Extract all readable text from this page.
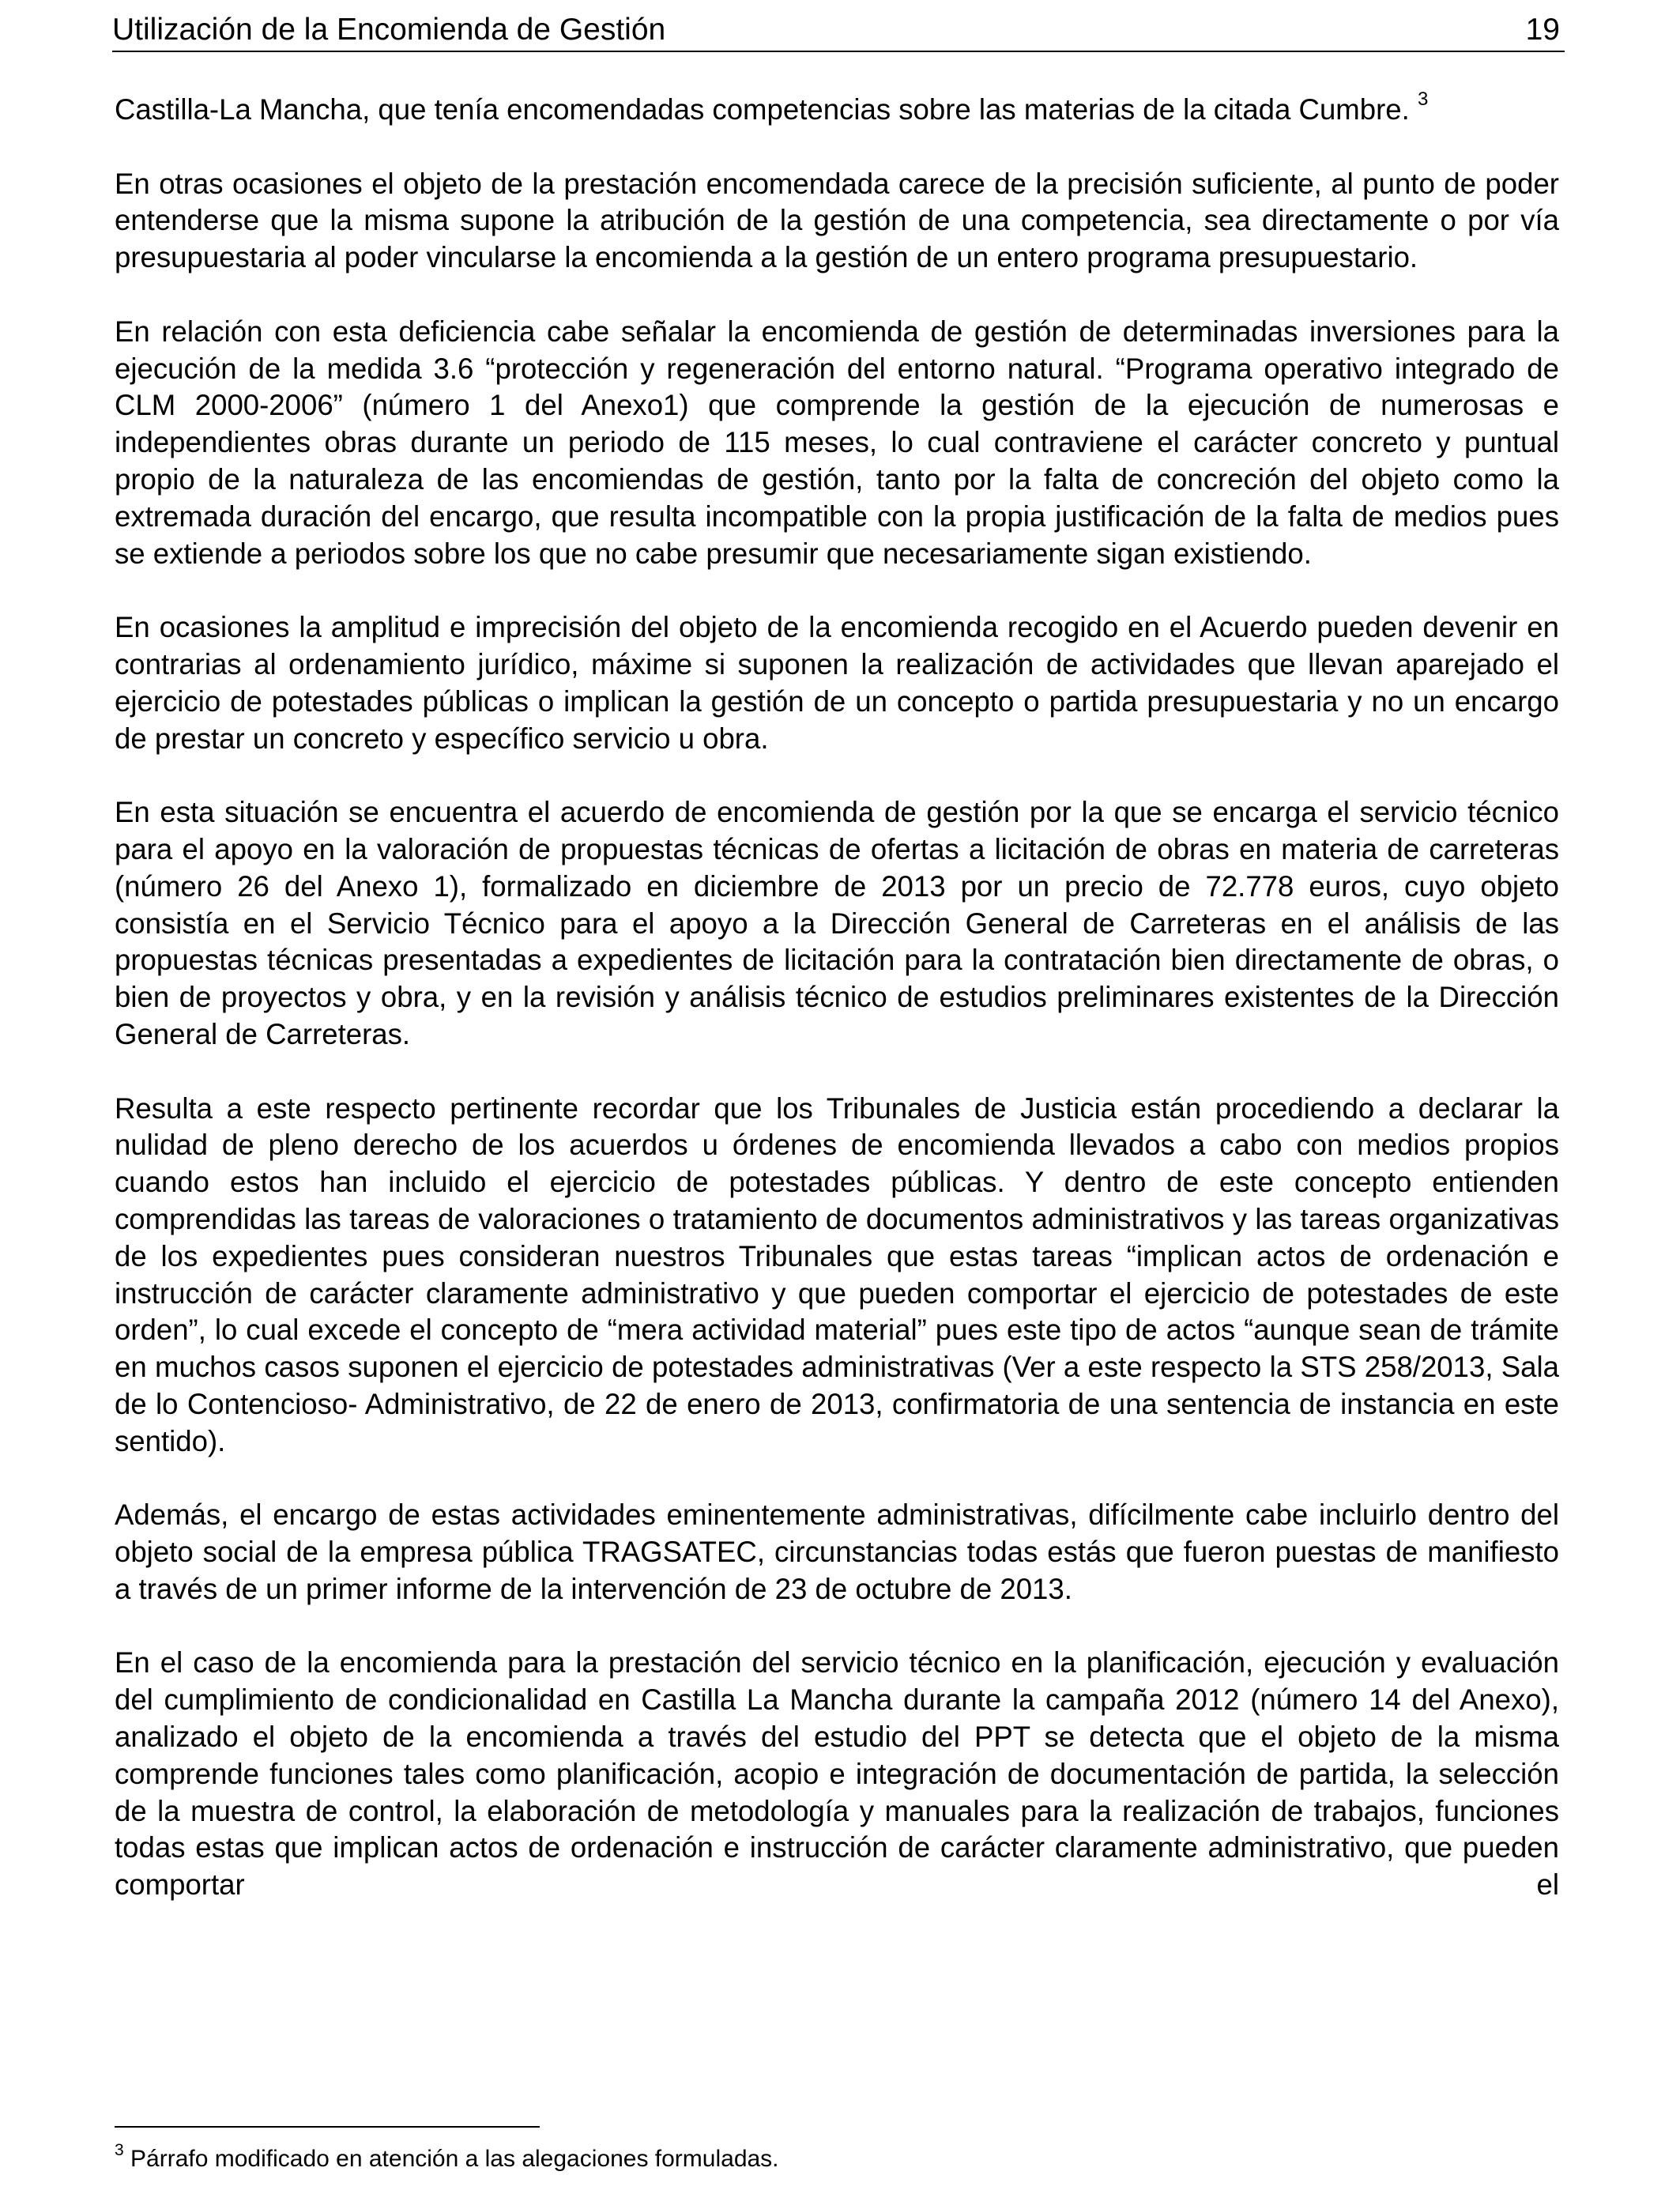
Utilización de la Encomienda de Gestión	19

Castilla-La Mancha, que tenía encomendadas competencias sobre las materias de la citada Cumbre. $^3$

En otras ocasiones el objeto de la prestación encomendada carece de la precisión suficiente, al punto de poder entenderse que la misma supone la atribución de la gestión de una competencia, sea directamente o por vía presupuestaria al poder vincularse la encomienda a la gestión de un entero programa presupuestario.

En relación con esta deficiencia cabe señalar la encomienda de gestión de determinadas inversiones para la ejecución de la medida 3.6 “protección y regeneración del entorno natural. “Programa operativo integrado de CLM 2000-2006” (número 1 del Anexo1) que comprende la gestión de la ejecución de numerosas e independientes obras durante un periodo de 115 meses, lo cual contraviene el carácter concreto y puntual propio de la naturaleza de las encomiendas de gestión, tanto por la falta de concreción del objeto como la extremada duración del encargo, que resulta incompatible con la propia justificación de la falta de medios pues se extiende a periodos sobre los que no cabe presumir que necesariamente sigan existiendo.

En ocasiones la amplitud e imprecisión del objeto de la encomienda recogido en el Acuerdo pueden devenir en contrarias al ordenamiento jurídico, máxime si suponen la realización de actividades que llevan aparejado el ejercicio de potestades públicas o implican la gestión de un concepto o partida presupuestaria y no un encargo de prestar un concreto y específico servicio u obra.

En esta situación se encuentra el acuerdo de encomienda de gestión por la que se encarga el servicio técnico para el apoyo en la valoración de propuestas técnicas de ofertas a licitación de obras en materia de carreteras (número 26 del Anexo 1), formalizado en diciembre de 2013 por un precio de 72.778 euros, cuyo objeto consistía en el Servicio Técnico para el apoyo a la Dirección General de Carreteras en el análisis de las propuestas técnicas presentadas a expedientes de licitación para la contratación bien directamente de obras, o bien de proyectos y obra, y en la revisión y análisis técnico de estudios preliminares existentes de la Dirección General de Carreteras.

Resulta a este respecto pertinente recordar que los Tribunales de Justicia están procediendo a declarar la nulidad de pleno derecho de los acuerdos u órdenes de encomienda llevados a cabo con medios propios cuando estos han incluido el ejercicio de potestades públicas. Y dentro de este concepto entienden comprendidas las tareas de valoraciones o tratamiento de documentos administrativos y las tareas organizativas de los expedientes pues consideran nuestros Tribunales que estas tareas “implican actos de ordenación e instrucción de carácter claramente administrativo y que pueden comportar el ejercicio de potestades de este orden”, lo cual excede el concepto de “mera actividad material” pues este tipo de actos “aunque sean de trámite en muchos casos suponen el ejercicio de potestades administrativas (Ver a este respecto la STS 258/2013, Sala de lo Contencioso- Administrativo, de 22 de enero de 2013, confirmatoria de una sentencia de instancia en este sentido).

Además, el encargo de estas actividades eminentemente administrativas, difícilmente cabe incluirlo dentro del objeto social de la empresa pública TRAGSATEC, circunstancias todas estás que fueron puestas de manifiesto a través de un primer informe de la intervención de 23 de octubre de 2013.

En el caso de la encomienda para la prestación del servicio técnico en la planificación, ejecución y evaluación del cumplimiento de condicionalidad en Castilla La Mancha durante la campaña 2012 (número 14 del Anexo), analizado el objeto de la encomienda a través del estudio del PPT se detecta que el objeto de la misma comprende funciones tales como planificación, acopio e integración de documentación de partida, la selección de la muestra de control, la elaboración de metodología y manuales para la realización de trabajos, funciones todas estas que implican actos de ordenación e instrucción de carácter claramente administrativo, que pueden comportar el

$^3$ Párrafo modificado en atención a las alegaciones formuladas.
